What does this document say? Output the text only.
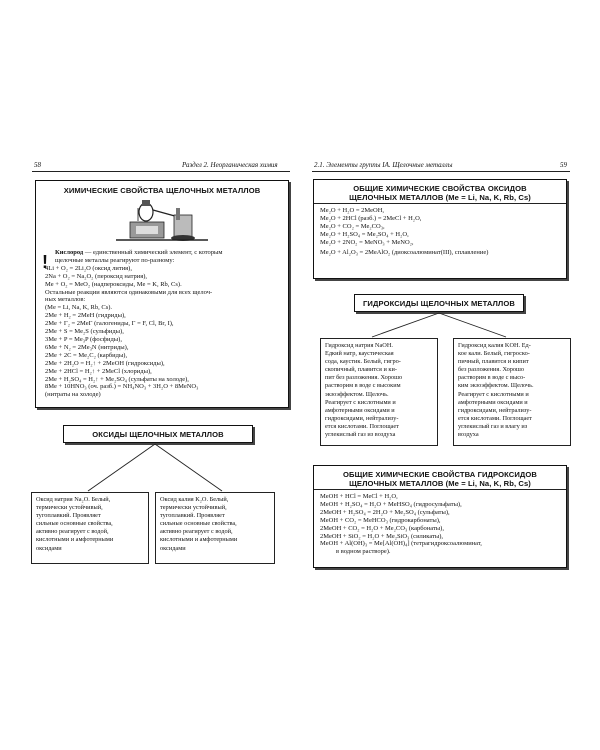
58	Раздел 2. Неорганическая химия
ХИМИЧЕСКИЕ СВОЙСТВА ЩЕЛОЧНЫХ МЕТАЛЛОВ
!	Кислород — единственный химический элемент, с которым
щелочные металлы реагируют по-разному:
4Li + O₂ = 2Li₂O (оксид лития),
2Na + O₂ = Na₂O₂ (пероксид натрия),
Me + O₂ = MeO₂ (надпероксиды, Me = K, Rb, Cs).
Остальные реакции являются одинаковыми для всех щелоч-
ных металлов:
(Me = Li, Na, K, Rb, Cs).
2Me + H₂ = 2MeH (гидриды),
2Me + Γ₂ = 2MeГ (галогениды, Г = F, Cl, Br, I),
2Me + S = Me₂S (сульфиды),
3Me + P = Me₃P (фосфиды),
6Me + N₂ = 2Me₃N (нитриды),
2Me + 2C = Me₂C₂ (карбиды),
2Me + 2H₂O = H₂↑ + 2MeOH (гидроксиды),
2Me + 2HCl = H₂↑ + 2MeCl (хлориды),
2Me + H₂SO₄ = H₂↑ + Me₂SO₄ (сульфаты на холоде),
8Me + 10HNO₃ (оч. разб.) = NH₄NO₃ + 3H₂O + 8MeNO₃
(нитраты на холоде)
ОКСИДЫ ЩЕЛОЧНЫХ МЕТАЛЛОВ
Оксид натрия Na₂O. Белый,
термически устойчивый,
тугоплавкий. Проявляет
сильные основные свойства,
активно реагирует с водой,
кислотными и амфотерными
оксидами
Оксид калия K₂O. Белый,
термически устойчивый,
тугоплавкий. Проявляет
сильные основные свойства,
активно реагирует с водой,
кислотными и амфотерными
оксидами
2.1. Элементы группы IA. Щелочные металлы	59
ОБЩИЕ ХИМИЧЕСКИЕ СВОЙСТВА ОКСИДОВ
ЩЕЛОЧНЫХ МЕТАЛЛОВ (Me = Li, Na, K, Rb, Cs)
Me₂O + H₂O = 2MeOH,
Me₂O + 2HCl (разб.) = 2MeCl + H₂O,
Me₂O + CO₂ = Me₂CO₃,
Me₂O + H₂SO₄ = Me₂SO₄ + H₂O,
Me₂O + 2NO₂ = MeNO₃ + MeNO₂,
Me₂O + Al₂O₃ = 2MeAlO₂ (диоксоалюминат(III), сплавление)
ГИДРОКСИДЫ ЩЕЛОЧНЫХ МЕТАЛЛОВ
Гидроксид натрия NaOH.
Едкий натр, каустическая
сода, каустик. Белый, гигро-
скопичный, плавится и ки-
пит без разложения. Хорошо
растворим в воде с высоким
экзоэффектом. Щелочь.
Реагирует с кислотными и
амфотерными оксидами и
гидроксидами, нейтрализу-
ется кислотами. Поглощает
углекислый газ из воздуха
Гидроксид калия KOH. Ед-
кое кали. Белый, гигроско-
пичный, плавится и кипит
без разложения. Хорошо
растворим в воде с высо-
ким экзоэффектом. Щелочь.
Реагирует с кислотными и
амфотерными оксидами и
гидроксидами, нейтрализу-
ется кислотами. Поглощает
углекислый газ и влагу из
воздуха
ОБЩИЕ ХИМИЧЕСКИЕ СВОЙСТВА ГИДРОКСИДОВ
ЩЕЛОЧНЫХ МЕТАЛЛОВ (Me = Li, Na, K, Rb, Cs)
MeOH + HCl = MeCl + H₂O,
MeOH + H₂SO₄ = H₂O + MeHSO₄ (гидросульфаты),
2MeOH + H₂SO₄ = 2H₂O + Me₂SO₄ (сульфаты),
MeOH + CO₂ = MeHCO₃ (гидрокарбонаты),
2MeOH + CO₂ = H₂O + Me₂CO₃ (карбонаты),
2MeOH + SiO₂ = H₂O + Me₂SiO₃ (силикаты),
MeOH + Al(OH)₃ = Me[Al(OH)₄] (тетрагидроксоалюминат,
в водном растворе).
